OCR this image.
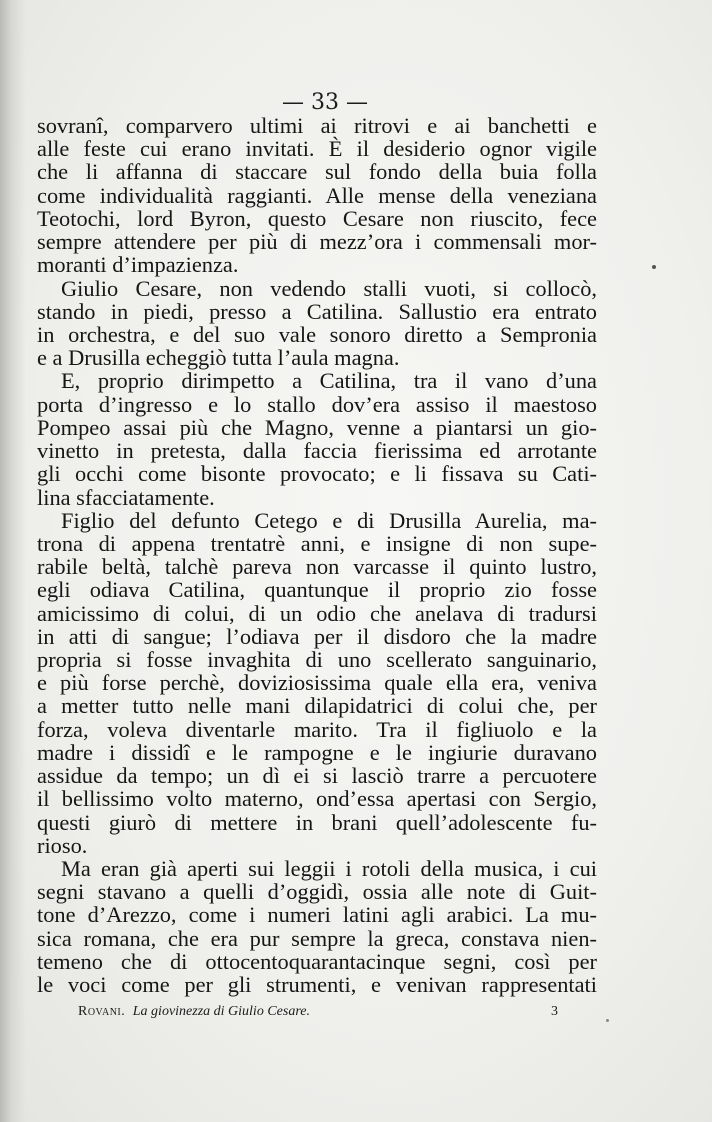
— 33 —
sovranî, comparvero ultimi ai ritrovi e ai banchetti e
alle feste cui erano invitati. È il desiderio ognor vigile
che li affanna di staccare sul fondo della buia folla
come individualità raggianti. Alle mense della veneziana
Teotochi, lord Byron, questo Cesare non riuscito, fece
sempre attendere per più di mezz’ora i commensali mor-
moranti d’impazienza.
Giulio Cesare, non vedendo stalli vuoti, si collocò,
stando in piedi, presso a Catilina. Sallustio era entrato
in orchestra, e del suo vale sonoro diretto a Sempronia
e a Drusilla echeggiò tutta l’aula magna.
E, proprio dirimpetto a Catilina, tra il vano d’una
porta d’ingresso e lo stallo dov’era assiso il maestoso
Pompeo assai più che Magno, venne a piantarsi un gio-
vinetto in pretesta, dalla faccia fierissima ed arrotante
gli occhi come bisonte provocato; e li fissava su Cati-
lina sfacciatamente.
Figlio del defunto Cetego e di Drusilla Aurelia, ma-
trona di appena trentatrè anni, e insigne di non supe-
rabile beltà, talchè pareva non varcasse il quinto lustro,
egli odiava Catilina, quantunque il proprio zio fosse
amicissimo di colui, di un odio che anelava di tradursi
in atti di sangue; l’odiava per il disdoro che la madre
propria si fosse invaghita di uno scellerato sanguinario,
e più forse perchè, doviziosissima quale ella era, veniva
a metter tutto nelle mani dilapidatrici di colui che, per
forza, voleva diventarle marito. Tra il figliuolo e la
madre i dissidî e le rampogne e le ingiurie duravano
assidue da tempo; un dì ei si lasciò trarre a percuotere
il bellissimo volto materno, ond’essa apertasi con Sergio,
questi giurò di mettere in brani quell’adolescente fu-
rioso.
Ma eran già aperti sui leggii i rotoli della musica, i cui
segni stavano a quelli d’oggidì, ossia alle note di Guit-
tone d’Arezzo, come i numeri latini agli arabici. La mu-
sica romana, che era pur sempre la greca, constava nien-
temeno che di ottocentoquarantacinque segni, così per
le voci come per gli strumenti, e venivan rappresentati
Rovani. La giovinezza di Giulio Cesare.	3
